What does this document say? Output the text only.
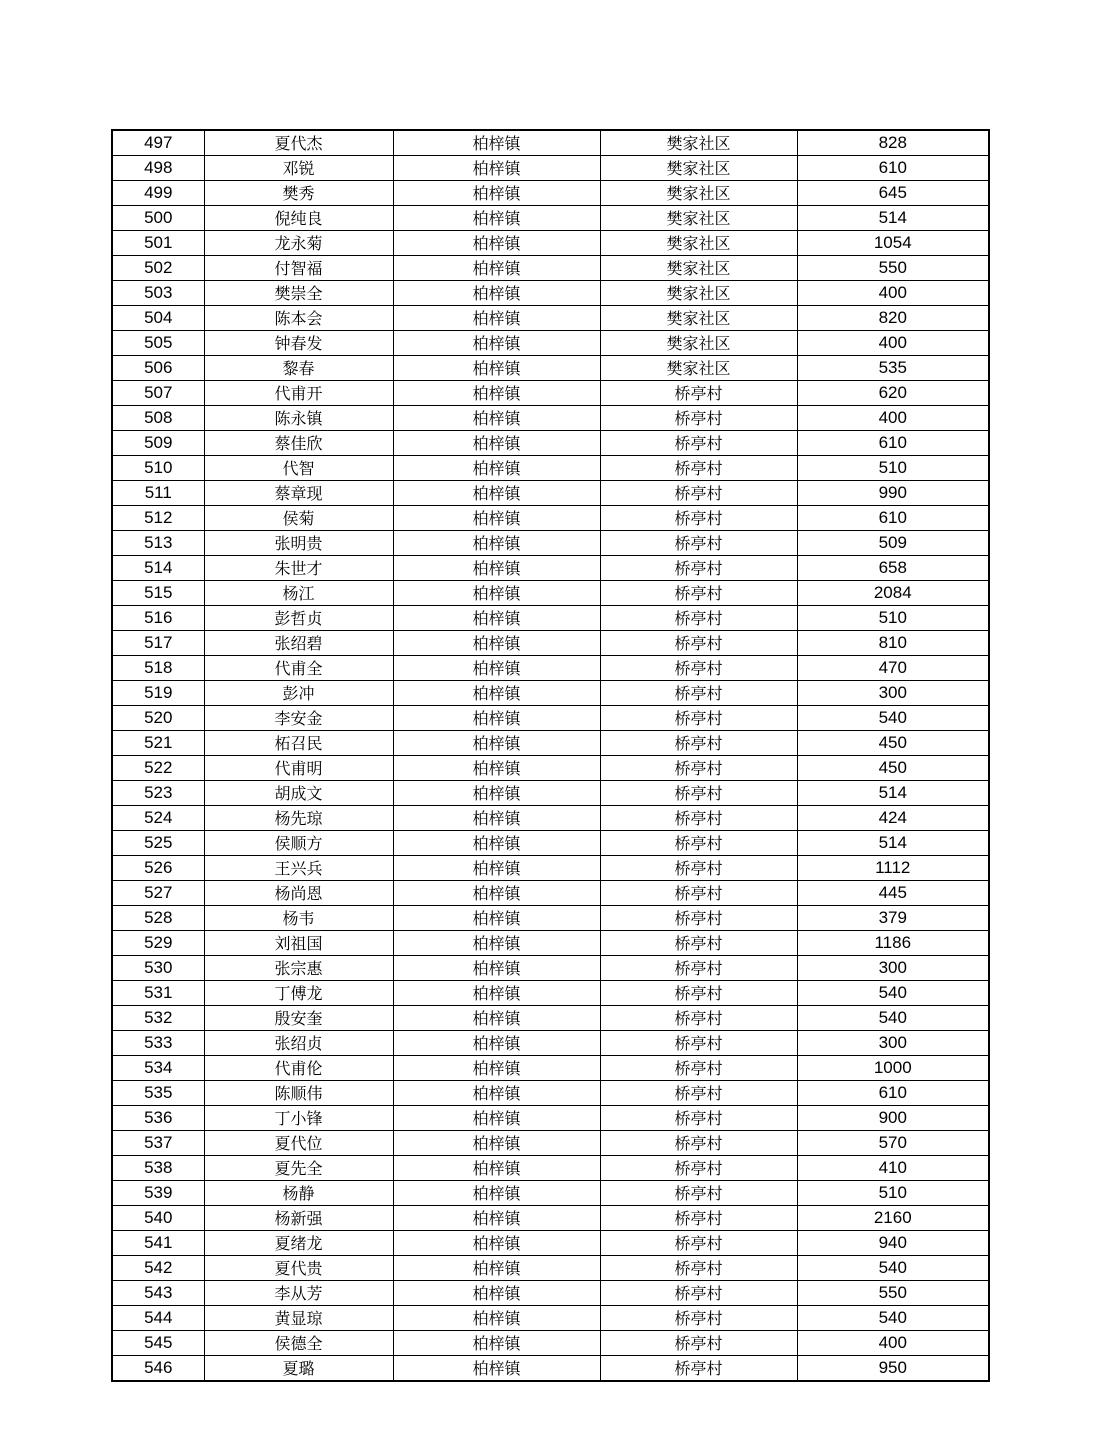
497	夏代杰	柏梓镇	樊家社区	828
498	邓锐	柏梓镇	樊家社区	610
499	樊秀	柏梓镇	樊家社区	645
500	倪纯良	柏梓镇	樊家社区	514
501	龙永菊	柏梓镇	樊家社区	1054
502	付智福	柏梓镇	樊家社区	550
503	樊崇全	柏梓镇	樊家社区	400
504	陈本会	柏梓镇	樊家社区	820
505	钟春发	柏梓镇	樊家社区	400
506	黎春	柏梓镇	樊家社区	535
507	代甫开	柏梓镇	桥亭村	620
508	陈永镇	柏梓镇	桥亭村	400
509	蔡佳欣	柏梓镇	桥亭村	610
510	代智	柏梓镇	桥亭村	510
511	蔡章现	柏梓镇	桥亭村	990
512	侯菊	柏梓镇	桥亭村	610
513	张明贵	柏梓镇	桥亭村	509
514	朱世才	柏梓镇	桥亭村	658
515	杨江	柏梓镇	桥亭村	2084
516	彭哲贞	柏梓镇	桥亭村	510
517	张绍碧	柏梓镇	桥亭村	810
518	代甫全	柏梓镇	桥亭村	470
519	彭冲	柏梓镇	桥亭村	300
520	李安金	柏梓镇	桥亭村	540
521	柘召民	柏梓镇	桥亭村	450
522	代甫明	柏梓镇	桥亭村	450
523	胡成文	柏梓镇	桥亭村	514
524	杨先琼	柏梓镇	桥亭村	424
525	侯顺方	柏梓镇	桥亭村	514
526	王兴兵	柏梓镇	桥亭村	1112
527	杨尚恩	柏梓镇	桥亭村	445
528	杨韦	柏梓镇	桥亭村	379
529	刘祖国	柏梓镇	桥亭村	1186
530	张宗惠	柏梓镇	桥亭村	300
531	丁傅龙	柏梓镇	桥亭村	540
532	殷安奎	柏梓镇	桥亭村	540
533	张绍贞	柏梓镇	桥亭村	300
534	代甫伦	柏梓镇	桥亭村	1000
535	陈顺伟	柏梓镇	桥亭村	610
536	丁小锋	柏梓镇	桥亭村	900
537	夏代位	柏梓镇	桥亭村	570
538	夏先全	柏梓镇	桥亭村	410
539	杨静	柏梓镇	桥亭村	510
540	杨新强	柏梓镇	桥亭村	2160
541	夏绪龙	柏梓镇	桥亭村	940
542	夏代贵	柏梓镇	桥亭村	540
543	李从芳	柏梓镇	桥亭村	550
544	黄显琼	柏梓镇	桥亭村	540
545	侯德全	柏梓镇	桥亭村	400
546	夏璐	柏梓镇	桥亭村	950
